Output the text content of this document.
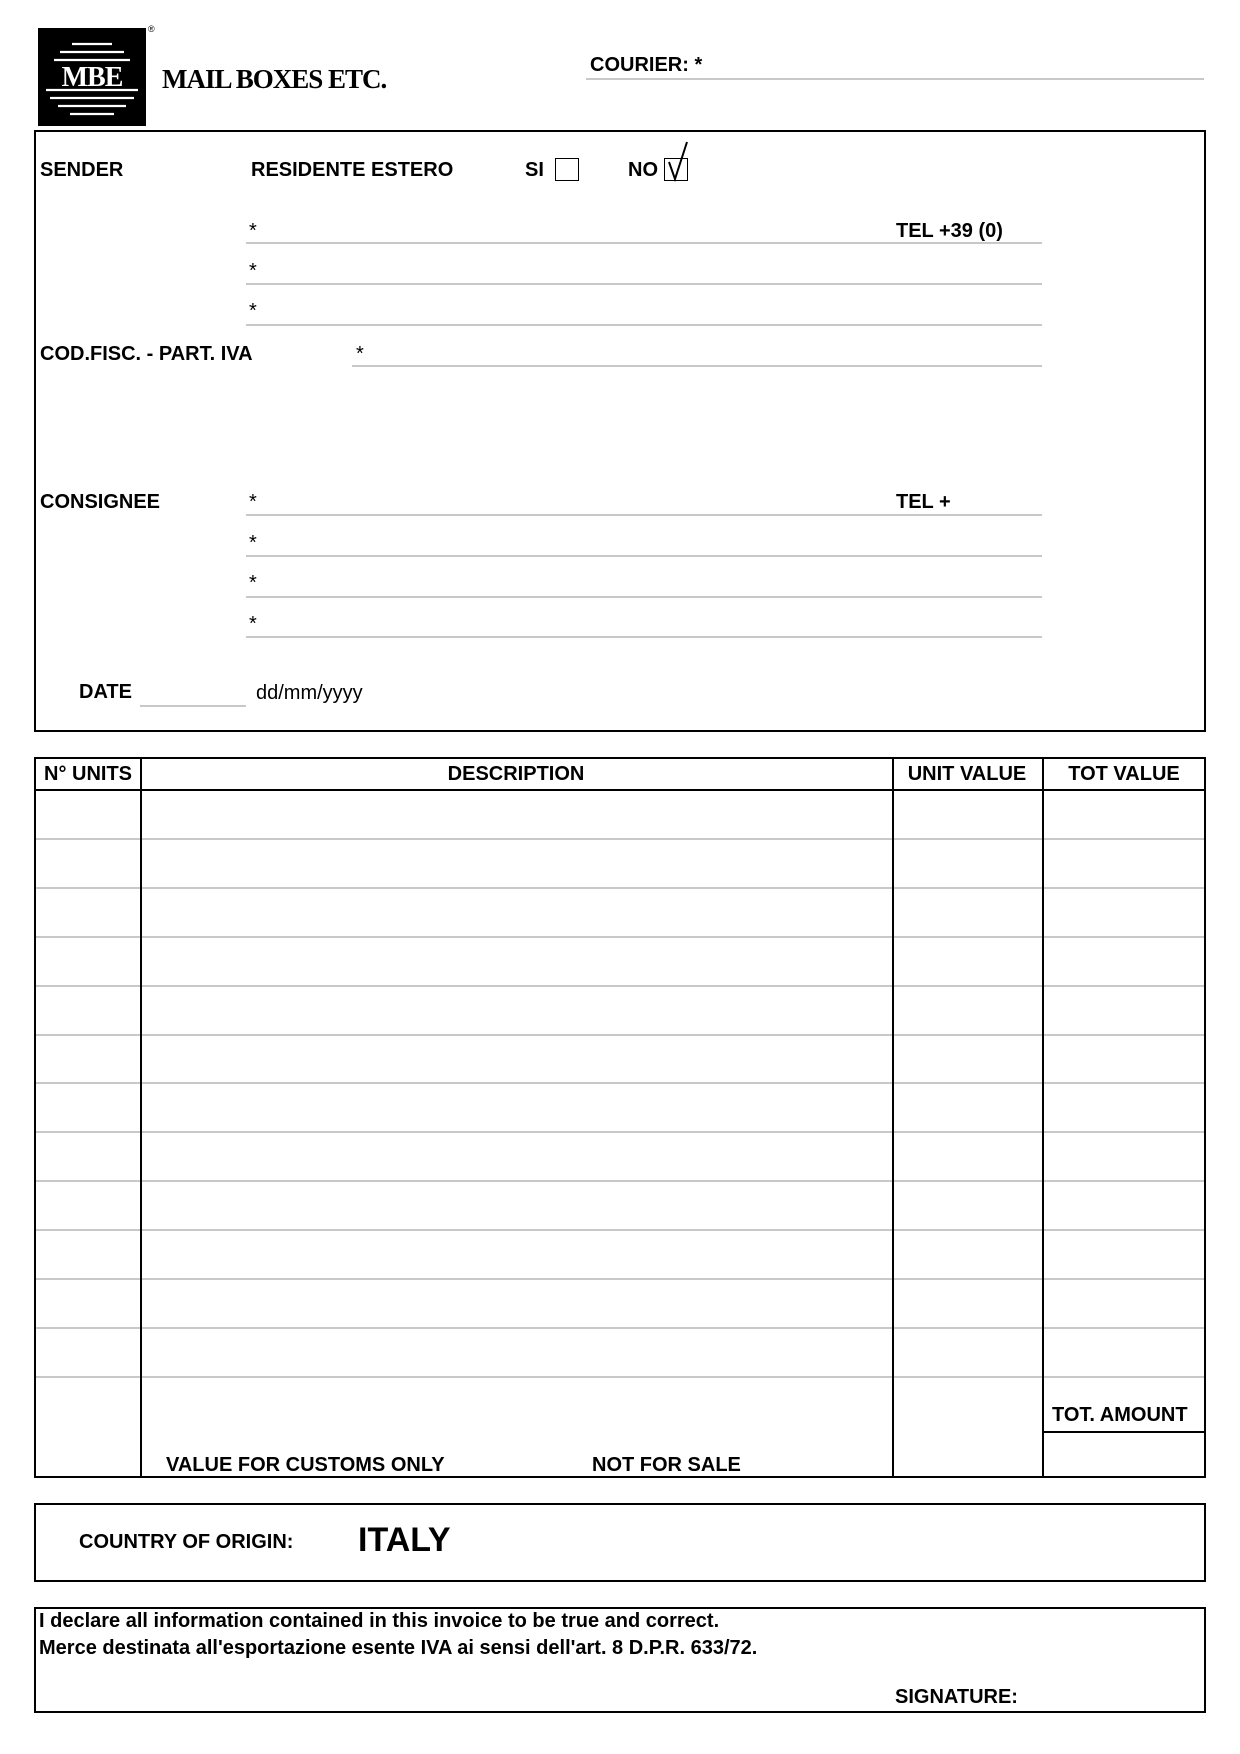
MBE
®
MAIL BOXES ETC.	COURIER: *
SENDER	RESIDENTE ESTERO	SI	NO
*	TEL +39 (0)
*
*
COD.FISC. - PART. IVA	*
CONSIGNEE	*	TEL +
*
*
*
DATE	dd/mm/yyyy
N° UNITS	DESCRIPTION	UNIT VALUE	TOT VALUE
VALUE FOR CUSTOMS ONLY	NOT FOR SALE
TOT. AMOUNT
COUNTRY OF ORIGIN: ITALY
I declare all information contained in this invoice to be true and correct.
Merce destinata all'esportazione esente IVA ai sensi dell'art. 8 D.P.R. 633/72.
SIGNATURE:
